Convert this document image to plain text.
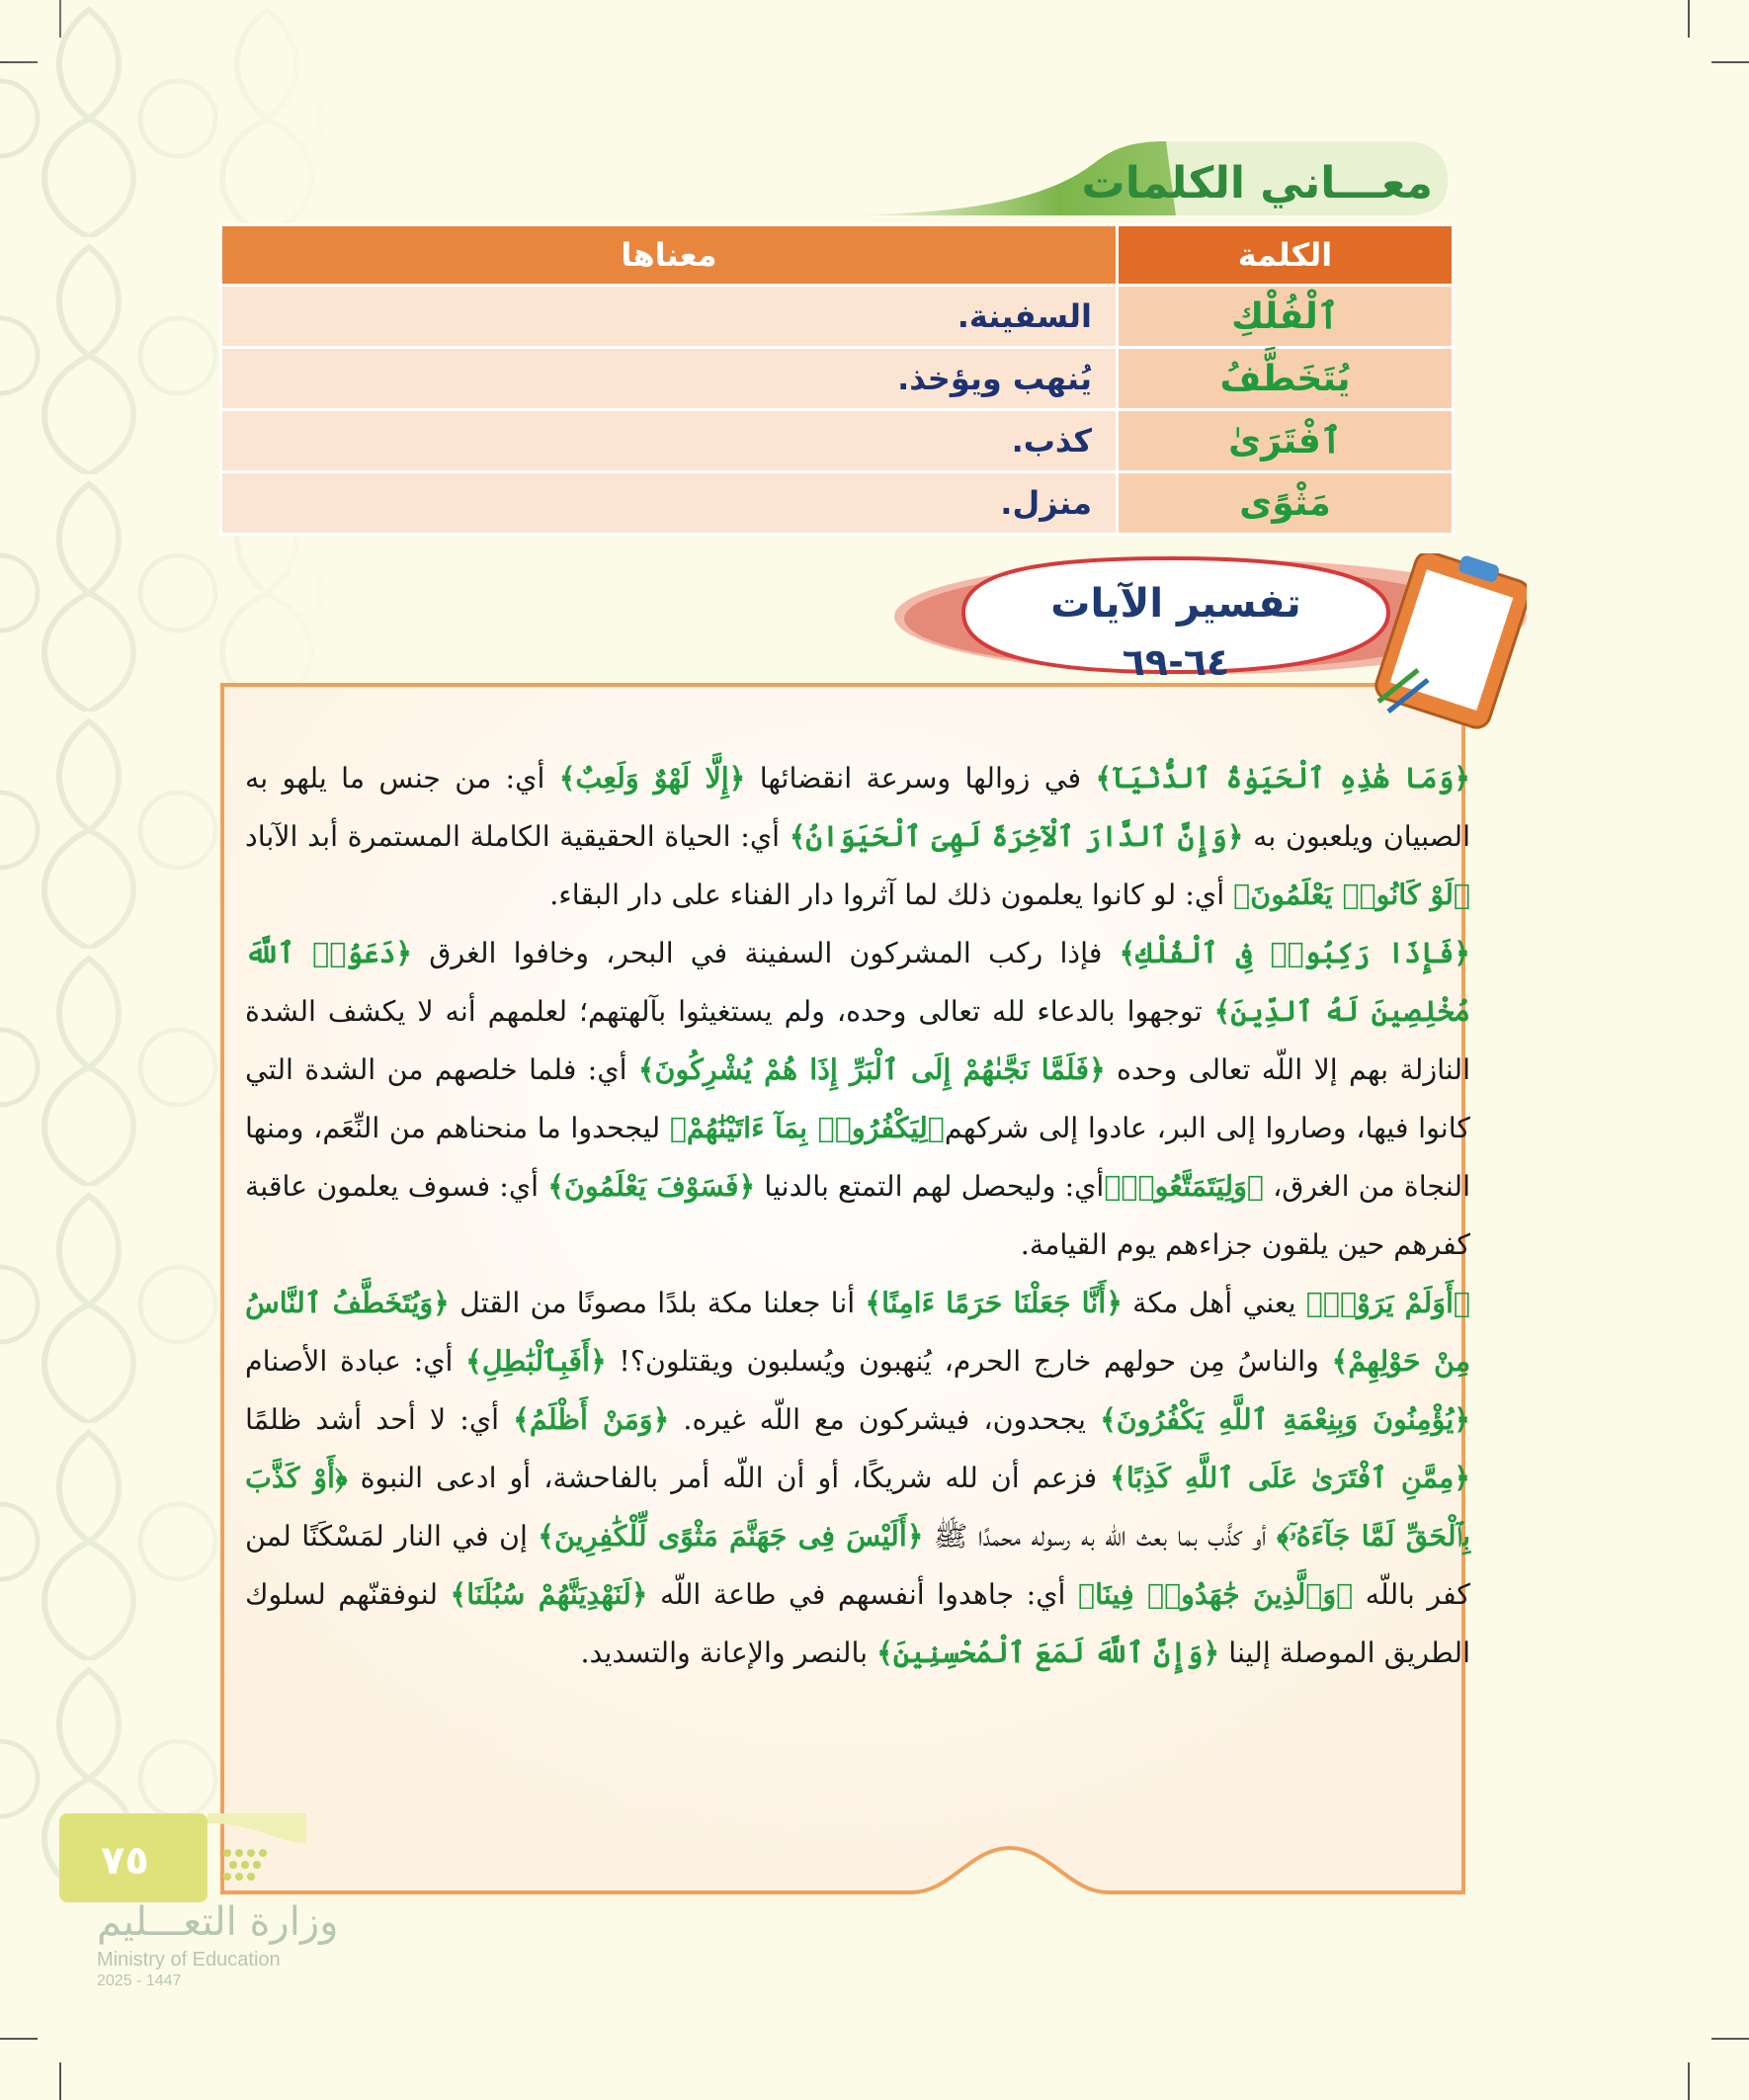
معـــاني الكلمات
الكلمة	معناها
ٱلْفُلْكِ	السفينة.
يُتَخَطَّفُ	يُنهب ويؤخذ.
ٱفْتَرَىٰ	كذب.
مَثْوًى	منزل.
تفسير الآيات
٦٤-٦٩

﴿وَمَا هَٰذِهِ ٱلْحَيَوٰةُ ٱلدُّنْيَآ﴾ في زوالها وسرعة انقضائها ﴿إِلَّا لَهْوٌ وَلَعِبٌ﴾ أي: من جنس ما يلهو به الصبيان ويلعبون به ﴿وَإِنَّ ٱلدَّارَ ٱلْآخِرَةَ لَهِىَ ٱلْحَيَوَانُ﴾ أي: الحياة الحقيقية الكاملة المستمرة أبد الآباد ﴿لَوْ كَانُوا۟ يَعْلَمُونَ﴾ أي: لو كانوا يعلمون ذلك لما آثروا دار الفناء على دار البقاء.

﴿فَإِذَا رَكِبُوا۟ فِى ٱلْفُلْكِ﴾ فإذا ركب المشركون السفينة في البحر، وخافوا الغرق ﴿دَعَوُا۟ ٱللَّهَ مُخْلِصِينَ لَهُ ٱلدِّينَ﴾ توجهوا بالدعاء لله تعالى وحده، ولم يستغيثوا بآلهتهم؛ لعلمهم أنه لا يكشف الشدة النازلة بهم إلا اللّه تعالى وحده ﴿فَلَمَّا نَجَّىٰهُمْ إِلَى ٱلْبَرِّ إِذَا هُمْ يُشْرِكُونَ﴾ أي: فلما خلصهم من الشدة التي كانوا فيها، وصاروا إلى البر، عادوا إلى شركهم﴿لِيَكْفُرُوا۟ بِمَآ ءَاتَيْنَٰهُمْ﴾ ليجحدوا ما منحناهم من النِّعَم، ومنها النجاة من الغرق، ﴿وَلِيَتَمَتَّعُوا۟﴾أي: وليحصل لهم التمتع بالدنيا ﴿فَسَوْفَ يَعْلَمُونَ﴾ أي: فسوف يعلمون عاقبة كفرهم حين يلقون جزاءهم يوم القيامة.

﴿أَوَلَمْ يَرَوْا۟﴾ يعني أهل مكة ﴿أَنَّا جَعَلْنَا حَرَمًا ءَامِنًا﴾ أنا جعلنا مكة بلدًا مصونًا من القتل ﴿وَيُتَخَطَّفُ ٱلنَّاسُ مِنْ حَوْلِهِمْ﴾ والناسُ مِن حولهم خارج الحرم، يُنهبون ويُسلبون ويقتلون؟! ﴿أَفَبِٱلْبَٰطِلِ﴾ أي: عبادة الأصنام ﴿يُؤْمِنُونَ وَبِنِعْمَةِ ٱللَّهِ يَكْفُرُونَ﴾ يجحدون، فيشركون مع اللّه غيره. ﴿وَمَنْ أَظْلَمُ﴾ أي: لا أحد أشد ظلمًا ﴿مِمَّنِ ٱفْتَرَىٰ عَلَى ٱللَّهِ كَذِبًا﴾ فزعم أن لله شريكًا، أو أن اللّه أمر بالفاحشة، أو ادعى النبوة ﴿أَوْ كَذَّبَ بِٱلْحَقِّ لَمَّا جَآءَهُۥٓ﴾ أو كذَّب بما بعث اللّه به رسوله محمدًا ﷺ ﴿أَلَيْسَ فِى جَهَنَّمَ مَثْوًى لِّلْكَٰفِرِينَ﴾ إن في النار لمَسْكَنًا لمن كفر باللّه ﴿وَٱلَّذِينَ جَٰهَدُوا۟ فِينَا﴾ أي: جاهدوا أنفسهم في طاعة اللّه ﴿لَنَهْدِيَنَّهُمْ سُبُلَنَا﴾ لنوفقنّهم لسلوك الطريق الموصلة إلينا ﴿وَإِنَّ ٱللَّهَ لَمَعَ ٱلْمُحْسِنِينَ﴾ بالنصر والإعانة والتسديد.

٧٥
وزارة التعـــليم
Ministry of Education
2025 - 1447
